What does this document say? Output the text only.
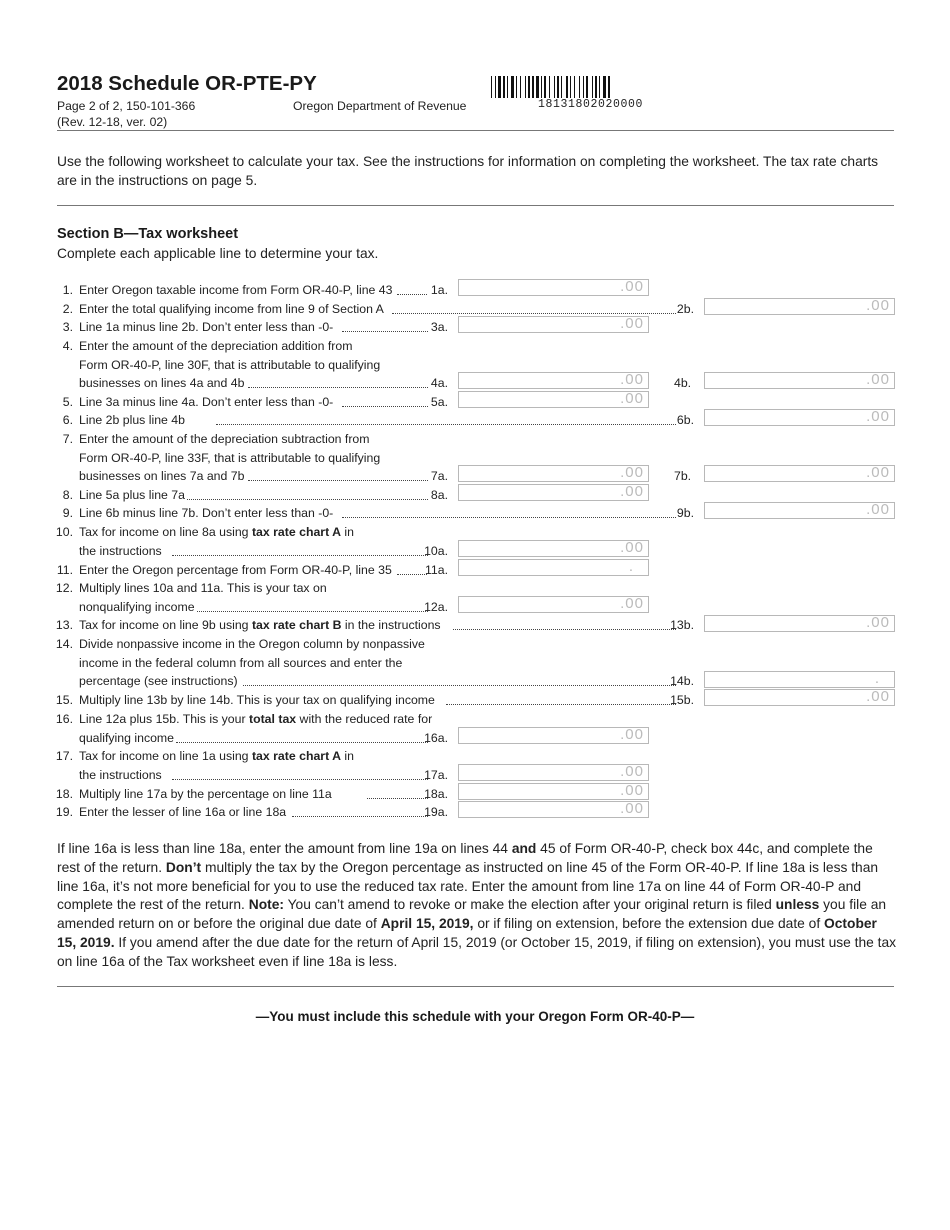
2018 Schedule OR-PTE-PY
Page 2 of 2, 150-101-366
(Rev. 12-18, ver. 02)
Oregon Department of Revenue	18131802020000
Use the following worksheet to calculate your tax. See the instructions for information on completing the worksheet. The tax rate charts are in the instructions on page 5.
Section B—Tax worksheet
Complete each applicable line to determine your tax.
1. Enter Oregon taxable income from Form OR-40-P, line 43	1a.	.00
2. Enter the total qualifying income from line 9 of Section A	2b.	.00
3. Line 1a minus line 2b. Don’t enter less than -0-	3a.	.00
4. Enter the amount of the depreciation addition from
Form OR-40-P, line 30F, that is attributable to qualifying
businesses on lines 4a and 4b	4a.	.00 4b.	.00
5. Line 3a minus line 4a. Don’t enter less than -0-	5a.	.00
6. Line 2b plus line 4b	6b.	.00
7. Enter the amount of the depreciation subtraction from
Form OR-40-P, line 33F, that is attributable to qualifying
businesses on lines 7a and 7b	7a.	.00 7b.	.00
8. Line 5a plus line 7a	8a.	.00
9. Line 6b minus line 7b. Don’t enter less than -0-	9b.	.00
10. Tax for income on line 8a using tax rate chart A in
the instructions	10a.	.00
11. Enter the Oregon percentage from Form OR-40-P, line 35	11a.	.
12. Multiply lines 10a and 11a. This is your tax on
nonqualifying income	12a.	.00
13. Tax for income on line 9b using tax rate chart B in the instructions	13b.	.00
14. Divide nonpassive income in the Oregon column by nonpassive
income in the federal column from all sources and enter the
percentage (see instructions)	14b.	.
15. Multiply line 13b by line 14b. This is your tax on qualifying income	15b.	.00
16. Line 12a plus 15b. This is your total tax with the reduced rate for
qualifying income	16a.	.00
17. Tax for income on line 1a using tax rate chart A in
the instructions	17a.	.00
18. Multiply line 17a by the percentage on line 11a	18a.	.00
19. Enter the lesser of line 16a or line 18a	19a.	.00
If line 16a is less than line 18a, enter the amount from line 19a on lines 44 and 45 of Form OR-40-P, check box 44c, and complete the rest of the return. Don’t multiply the tax by the Oregon percentage as instructed on line 45 of the Form OR-40-P. If line 18a is less than line 16a, it’s not more beneficial for you to use the reduced tax rate. Enter the amount from line 17a on line 44 of Form OR-40-P and complete the rest of the return. Note: You can’t amend to revoke or make the election after your original return is filed unless you file an amended return on or before the original due date of April 15, 2019, or if filing on extension, before the extension due date of October 15, 2019. If you amend after the due date for the return of April 15, 2019 (or October 15, 2019, if filing on extension), you must use the tax on line 16a of the Tax worksheet even if line 18a is less.
—You must include this schedule with your Oregon Form OR-40-P—
